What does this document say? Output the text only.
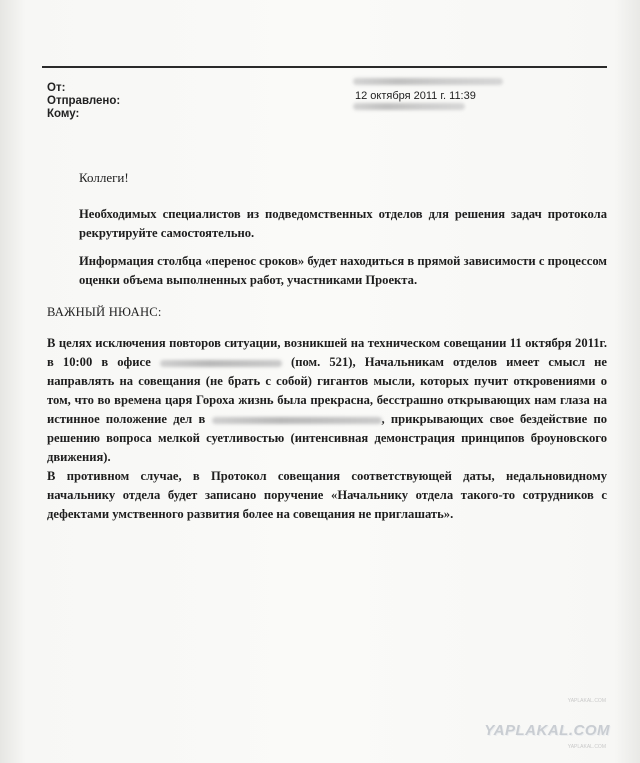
От:
Отправлено:
Кому:
12 октября 2011 г. 11:39
Коллеги!
Необходимых специалистов из подведомственных отделов для решения задач протокола рекрутируйте самостоятельно.
Информация столбца «перенос сроков» будет находиться в прямой зависимости с процессом оценки объема выполненных работ, участниками Проекта.
ВАЖНЫЙ НЮАНС:
В целях исключения повторов ситуации, возникшей на техническом совещании 11 октября 2011г. в 10:00 в офисе	(пом. 521), Начальникам отделов имеет смысл не направлять на совещания (не брать с собой) гигантов мысли, которых пучит откровениями о том, что во времена царя Гороха жизнь была прекрасна, бесстрашно открывающих нам глаза на истинное положение дел в	, прикрывающих свое бездействие по решению вопроса мелкой суетливостью (интенсивная демонстрация принципов броуновского движения).
В противном случае, в Протокол совещания соответствующей даты, недальновидному начальнику отдела будет записано поручение «Начальнику отдела такого-то сотрудников с дефектами умственного развития более на совещания не приглашать».
YAPLAKAL.COM
YAPLAKAL.COM
YAPLAKAL.COM
